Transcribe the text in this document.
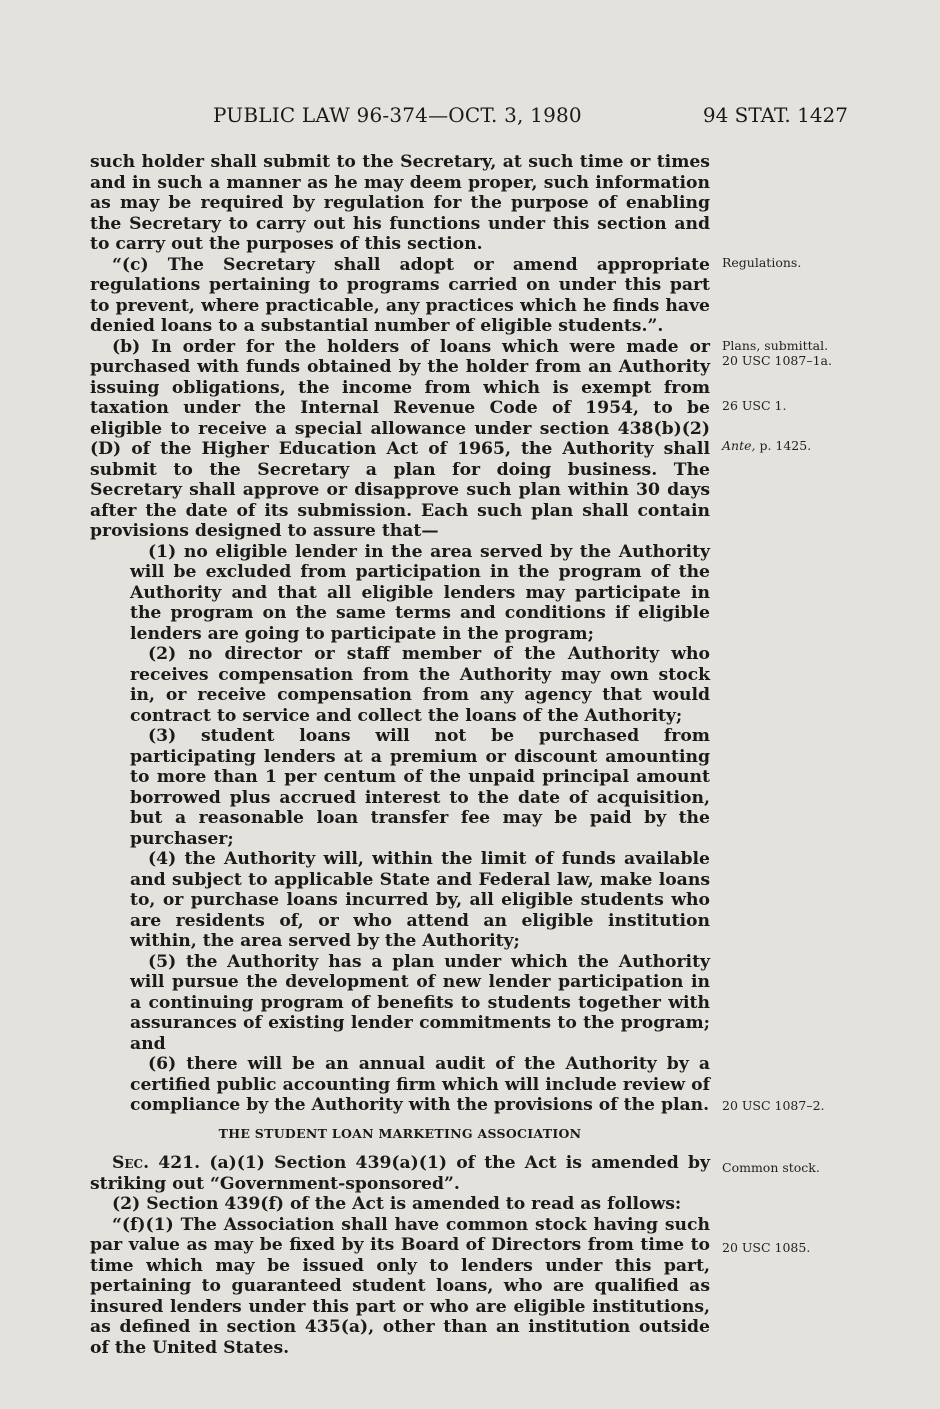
PUBLIC LAW 96-374—OCT. 3, 1980	94 STAT. 1427

such holder shall submit to the Secretary, at such time or times and in such a manner as he may deem proper, such information as may be required by regulation for the purpose of enabling the Secretary to carry out his functions under this section and to carry out the purposes of this section.

“(c) The Secretary shall adopt or amend appropriate regulations pertaining to programs carried on under this part to prevent, where practicable, any practices which he finds have denied loans to a substantial number of eligible students.”.

(b) In order for the holders of loans which were made or purchased with funds obtained by the holder from an Authority issuing obligations, the income from which is exempt from taxation under the Internal Revenue Code of 1954, to be eligible to receive a special allowance under section 438(b)(2)(D) of the Higher Education Act of 1965, the Authority shall submit to the Secretary a plan for doing business. The Secretary shall approve or disapprove such plan within 30 days after the date of its submission. Each such plan shall contain provisions designed to assure that—

(1) no eligible lender in the area served by the Authority will be excluded from participation in the program of the Authority and that all eligible lenders may participate in the program on the same terms and conditions if eligible lenders are going to participate in the program;

(2) no director or staff member of the Authority who receives compensation from the Authority may own stock in, or receive compensation from any agency that would contract to service and collect the loans of the Authority;

(3) student loans will not be purchased from participating lenders at a premium or discount amounting to more than 1 per centum of the unpaid principal amount borrowed plus accrued interest to the date of acquisition, but a reasonable loan transfer fee may be paid by the purchaser;

(4) the Authority will, within the limit of funds available and subject to applicable State and Federal law, make loans to, or purchase loans incurred by, all eligible students who are residents of, or who attend an eligible institution within, the area served by the Authority;

(5) the Authority has a plan under which the Authority will pursue the development of new lender participation in a continuing program of benefits to students together with assurances of existing lender commitments to the program; and

(6) there will be an annual audit of the Authority by a certified public accounting firm which will include review of compliance by the Authority with the provisions of the plan.

THE STUDENT LOAN MARKETING ASSOCIATION

Sec. 421. (a)(1) Section 439(a)(1) of the Act is amended by striking out “Government-sponsored”.

(2) Section 439(f) of the Act is amended to read as follows:

“(f)(1) The Association shall have common stock having such par value as may be fixed by its Board of Directors from time to time which may be issued only to lenders under this part, pertaining to guaranteed student loans, who are qualified as insured lenders under this part or who are eligible institutions, as defined in section 435(a), other than an institution outside of the United States.

Regulations.
Plans, submittal.
20 USC 1087–1a.
26 USC 1.
Ante, p. 1425.
20 USC 1087–2.
Common stock.
20 USC 1085.
